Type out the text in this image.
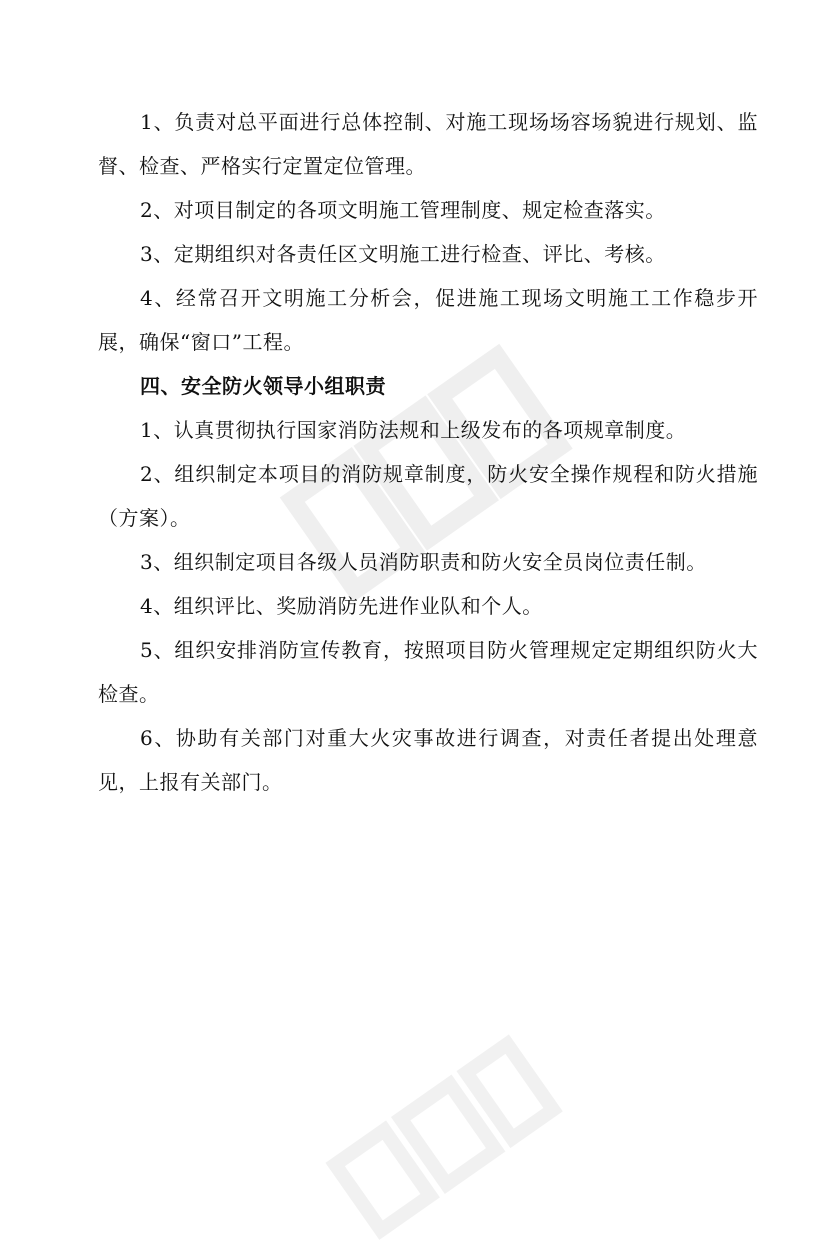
1、负责对总平面进行总体控制、对施工现场场容场貌进行规划、监督、检查、严格实行定置定位管理。

2、对项目制定的各项文明施工管理制度、规定检查落实。

3、定期组织对各责任区文明施工进行检查、评比、考核。

4、经常召开文明施工分析会，促进施工现场文明施工工作稳步开展，确保“窗口”工程。

四、安全防火领导小组职责

1、认真贯彻执行国家消防法规和上级发布的各项规章制度。

2、组织制定本项目的消防规章制度，防火安全操作规程和防火措施（方案）。

3、组织制定项目各级人员消防职责和防火安全员岗位责任制。

4、组织评比、奖励消防先进作业队和个人。

5、组织安排消防宣传教育，按照项目防火管理规定定期组织防火大检查。

6、协助有关部门对重大火灾事故进行调查，对责任者提出处理意见，上报有关部门。
